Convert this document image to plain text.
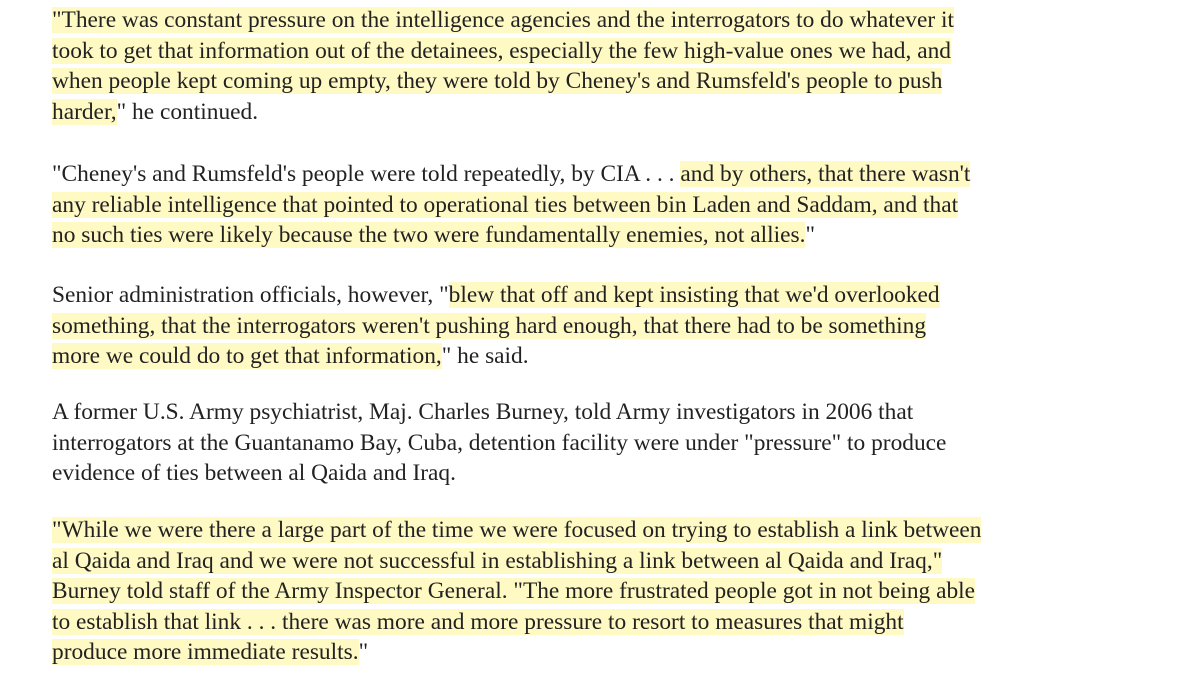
"There was constant pressure on the intelligence agencies and the interrogators to do whatever it
took to get that information out of the detainees, especially the few high-value ones we had, and
when people kept coming up empty, they were told by Cheney's and Rumsfeld's people to push
harder," he continued.

"Cheney's and Rumsfeld's people were told repeatedly, by CIA . . . and by others, that there wasn't
any reliable intelligence that pointed to operational ties between bin Laden and Saddam, and that
no such ties were likely because the two were fundamentally enemies, not allies."

Senior administration officials, however, "blew that off and kept insisting that we'd overlooked
something, that the interrogators weren't pushing hard enough, that there had to be something
more we could do to get that information," he said.

A former U.S. Army psychiatrist, Maj. Charles Burney, told Army investigators in 2006 that
interrogators at the Guantanamo Bay, Cuba, detention facility were under "pressure" to produce
evidence of ties between al Qaida and Iraq.

"While we were there a large part of the time we were focused on trying to establish a link between
al Qaida and Iraq and we were not successful in establishing a link between al Qaida and Iraq,"
Burney told staff of the Army Inspector General. "The more frustrated people got in not being able
to establish that link . . . there was more and more pressure to resort to measures that might
produce more immediate results."
